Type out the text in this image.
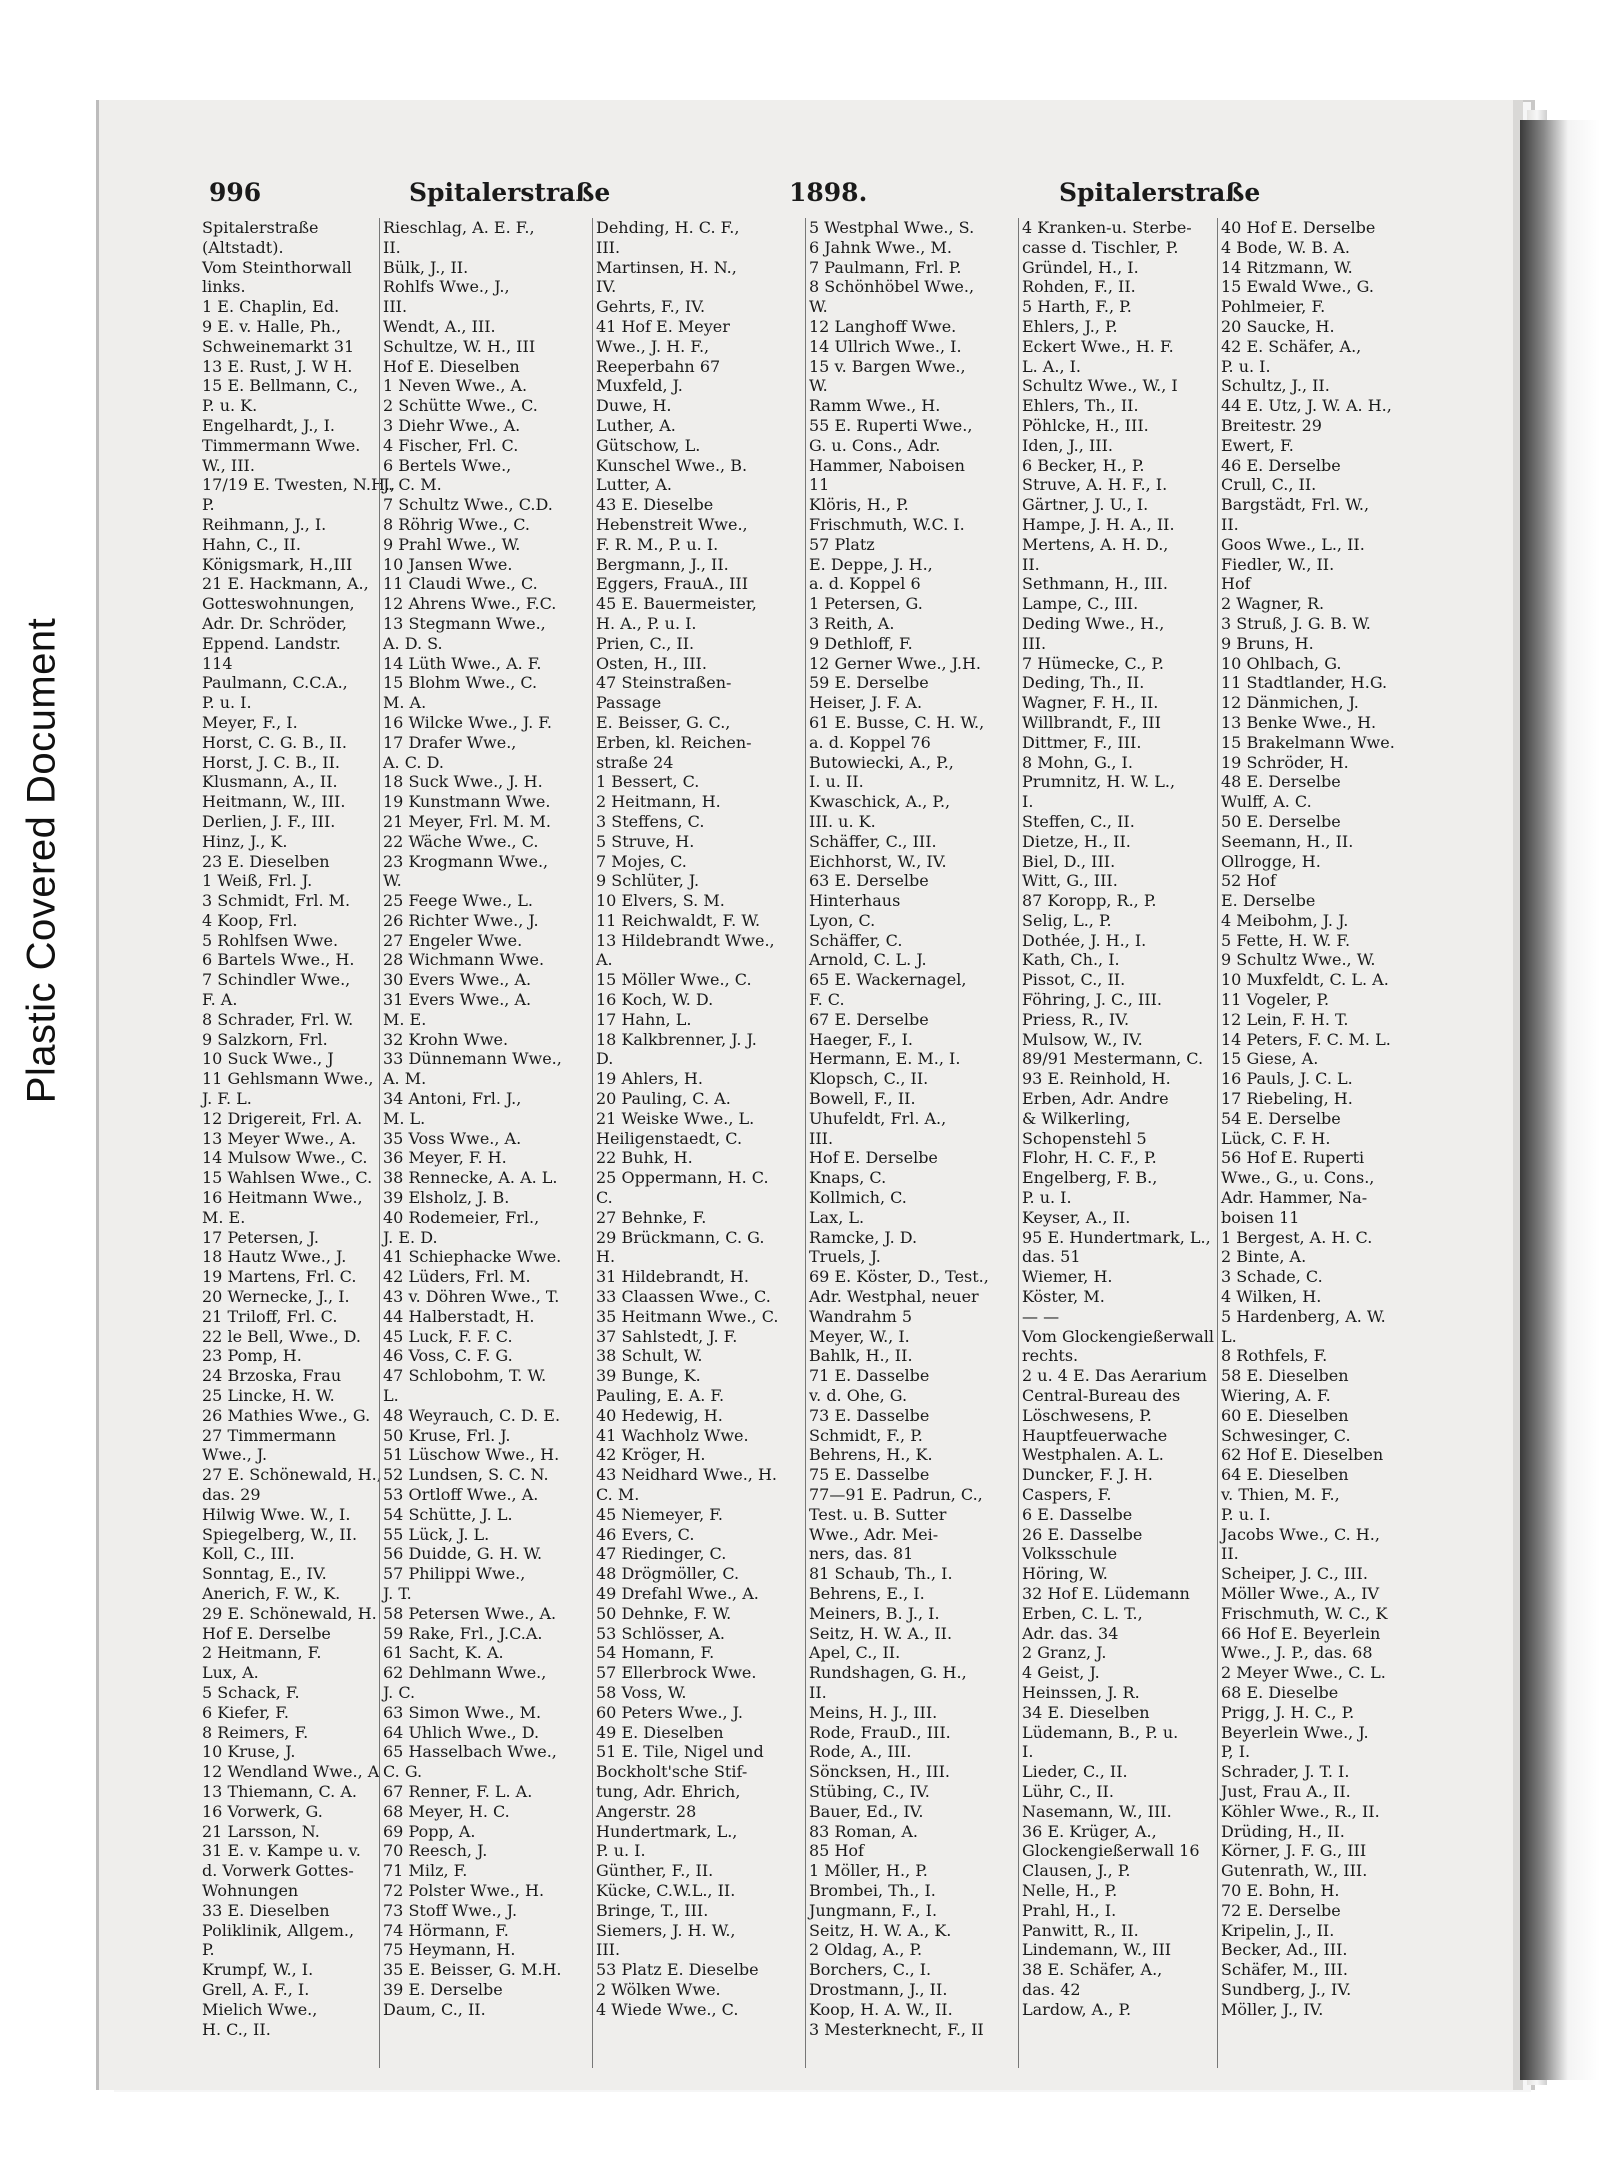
Plastic Covered Document
996	Spitalerstraße	1898.	Spitalerstraße
Spitalerstraße
(Altstadt).
Vom Steinthorwall
links.
1 E. Chaplin, Ed.
9 E. v. Halle, Ph.,
Schweinemarkt 31
13 E. Rust, J. W H.
15 E. Bellmann, C.,
P. u. K.
Engelhardt, J., I.
Timmermann Wwe.
W., III.
17/19 E. Twesten, N.H.,
P.
Reihmann, J., I.
Hahn, C., II.
Königsmark, H.,III
21 E. Hackmann, A.,
Gotteswohnungen,
Adr. Dr. Schröder,
Eppend. Landstr.
114
Paulmann, C.C.A.,
P. u. I.
Meyer, F., I.
Horst, C. G. B., II.
Horst, J. C. B., II.
Klusmann, A., II.
Heitmann, W., III.
Derlien, J. F., III.
Hinz, J., K.
23 E. Dieselben
1 Weiß, Frl. J.
3 Schmidt, Frl. M.
4 Koop, Frl.
5 Rohlfsen Wwe.
6 Bartels Wwe., H.
7 Schindler Wwe.,
F. A.
8 Schrader, Frl. W.
9 Salzkorn, Frl.
10 Suck Wwe., J
11 Gehlsmann Wwe.,
J. F. L.
12 Drigereit, Frl. A.
13 Meyer Wwe., A.
14 Mulsow Wwe., C.
15 Wahlsen Wwe., C.
16 Heitmann Wwe.,
M. E.
17 Petersen, J.
18 Hautz Wwe., J.
19 Martens, Frl. C.
20 Wernecke, J., I.
21 Triloff, Frl. C.
22 le Bell, Wwe., D.
23 Pomp, H.
24 Brzoska, Frau
25 Lincke, H. W.
26 Mathies Wwe., G.
27 Timmermann
Wwe., J.
27 E. Schönewald, H.,
das. 29
Hilwig Wwe. W., I.
Spiegelberg, W., II.
Koll, C., III.
Sonntag, E., IV.
Anerich, F. W., K.
29 E. Schönewald, H.
Hof E. Derselbe
2 Heitmann, F.
Lux, A.
5 Schack, F.
6 Kiefer, F.
8 Reimers, F.
10 Kruse, J.
12 Wendland Wwe., A
13 Thiemann, C. A.
16 Vorwerk, G.
21 Larsson, N.
31 E. v. Kampe u. v.
d. Vorwerk Gottes-
Wohnungen
33 E. Dieselben
Poliklinik, Allgem.,
P.
Krumpf, W., I.
Grell, A. F., I.
Mielich Wwe.,
H. C., II.
Rieschlag, A. E. F.,
II.
Bülk, J., II.
Rohlfs Wwe., J.,
III.
Wendt, A., III.
Schultze, W. H., III
Hof E. Dieselben
1 Neven Wwe., A.
2 Schütte Wwe., C.
3 Diehr Wwe., A.
4 Fischer, Frl. C.
6 Bertels Wwe.,
J. C. M.
7 Schultz Wwe., C.D.
8 Röhrig Wwe., C.
9 Prahl Wwe., W.
10 Jansen Wwe.
11 Claudi Wwe., C.
12 Ahrens Wwe., F.C.
13 Stegmann Wwe.,
A. D. S.
14 Lüth Wwe., A. F.
15 Blohm Wwe., C.
M. A.
16 Wilcke Wwe., J. F.
17 Drafer Wwe.,
A. C. D.
18 Suck Wwe., J. H.
19 Kunstmann Wwe.
21 Meyer, Frl. M. M.
22 Wäche Wwe., C.
23 Krogmann Wwe.,
W.
25 Feege Wwe., L.
26 Richter Wwe., J.
27 Engeler Wwe.
28 Wichmann Wwe.
30 Evers Wwe., A.
31 Evers Wwe., A.
M. E.
32 Krohn Wwe.
33 Dünnemann Wwe.,
A. M.
34 Antoni, Frl. J.,
M. L.
35 Voss Wwe., A.
36 Meyer, F. H.
38 Rennecke, A. A. L.
39 Elsholz, J. B.
40 Rodemeier, Frl.,
J. E. D.
41 Schiephacke Wwe.
42 Lüders, Frl. M.
43 v. Döhren Wwe., T.
44 Halberstadt, H.
45 Luck, F. F. C.
46 Voss, C. F. G.
47 Schlobohm, T. W.
L.
48 Weyrauch, C. D. E.
50 Kruse, Frl. J.
51 Lüschow Wwe., H.
52 Lundsen, S. C. N.
53 Ortloff Wwe., A.
54 Schütte, J. L.
55 Lück, J. L.
56 Duidde, G. H. W.
57 Philippi Wwe.,
J. T.
58 Petersen Wwe., A.
59 Rake, Frl., J.C.A.
61 Sacht, K. A.
62 Dehlmann Wwe.,
J. C.
63 Simon Wwe., M.
64 Uhlich Wwe., D.
65 Hasselbach Wwe.,
C. G.
67 Renner, F. L. A.
68 Meyer, H. C.
69 Popp, A.
70 Reesch, J.
71 Milz, F.
72 Polster Wwe., H.
73 Stoff Wwe., J.
74 Hörmann, F.
75 Heymann, H.
35 E. Beisser, G. M.H.
39 E. Derselbe
Daum, C., II.
Dehding, H. C. F.,
III.
Martinsen, H. N.,
IV.
Gehrts, F., IV.
41 Hof E. Meyer
Wwe., J. H. F.,
Reeperbahn 67
Muxfeld, J.
Duwe, H.
Luther, A.
Gütschow, L.
Kunschel Wwe., B.
Lutter, A.
43 E. Dieselbe
Hebenstreit Wwe.,
F. R. M., P. u. I.
Bergmann, J., II.
Eggers, FrauA., III
45 E. Bauermeister,
H. A., P. u. I.
Prien, C., II.
Osten, H., III.
47 Steinstraßen-
Passage
E. Beisser, G. C.,
Erben, kl. Reichen-
straße 24
1 Bessert, C.
2 Heitmann, H.
3 Steffens, C.
5 Struve, H.
7 Mojes, C.
9 Schlüter, J.
10 Elvers, S. M.
11 Reichwaldt, F. W.
13 Hildebrandt Wwe.,
A.
15 Möller Wwe., C.
16 Koch, W. D.
17 Hahn, L.
18 Kalkbrenner, J. J.
D.
19 Ahlers, H.
20 Pauling, C. A.
21 Weiske Wwe., L.
Heiligenstaedt, C.
22 Buhk, H.
25 Oppermann, H. C.
C.
27 Behnke, F.
29 Brückmann, C. G.
H.
31 Hildebrandt, H.
33 Claassen Wwe., C.
35 Heitmann Wwe., C.
37 Sahlstedt, J. F.
38 Schult, W.
39 Bunge, K.
Pauling, E. A. F.
40 Hedewig, H.
41 Wachholz Wwe.
42 Kröger, H.
43 Neidhard Wwe., H.
C. M.
45 Niemeyer, F.
46 Evers, C.
47 Riedinger, C.
48 Drögmöller, C.
49 Drefahl Wwe., A.
50 Dehnke, F. W.
53 Schlösser, A.
54 Homann, F.
57 Ellerbrock Wwe.
58 Voss, W.
60 Peters Wwe., J.
49 E. Dieselben
51 E. Tile, Nigel und
Bockholt'sche Stif-
tung, Adr. Ehrich,
Angerstr. 28
Hundertmark, L.,
P. u. I.
Günther, F., II.
Kücke, C.W.L., II.
Bringe, T., III.
Siemers, J. H. W.,
III.
53 Platz E. Dieselbe
2 Wölken Wwe.
4 Wiede Wwe., C.
5 Westphal Wwe., S.
6 Jahnk Wwe., M.
7 Paulmann, Frl. P.
8 Schönhöbel Wwe.,
W.
12 Langhoff Wwe.
14 Ullrich Wwe., I.
15 v. Bargen Wwe.,
W.
Ramm Wwe., H.
55 E. Ruperti Wwe.,
G. u. Cons., Adr.
Hammer, Naboisen
11
Klöris, H., P.
Frischmuth, W.C. I.
57 Platz
E. Deppe, J. H.,
a. d. Koppel 6
1 Petersen, G.
3 Reith, A.
9 Dethloff, F.
12 Gerner Wwe., J.H.
59 E. Derselbe
Heiser, J. F. A.
61 E. Busse, C. H. W.,
a. d. Koppel 76
Butowiecki, A., P.,
I. u. II.
Kwaschick, A., P.,
III. u. K.
Schäffer, C., III.
Eichhorst, W., IV.
63 E. Derselbe
Hinterhaus
Lyon, C.
Schäffer, C.
Arnold, C. L. J.
65 E. Wackernagel,
F. C.
67 E. Derselbe
Haeger, F., I.
Hermann, E. M., I.
Klopsch, C., II.
Bowell, F., II.
Uhufeldt, Frl. A.,
III.
Hof E. Derselbe
Knaps, C.
Kollmich, C.
Lax, L.
Ramcke, J. D.
Truels, J.
69 E. Köster, D., Test.,
Adr. Westphal, neuer
Wandrahm 5
Meyer, W., I.
Bahlk, H., II.
71 E. Dasselbe
v. d. Ohe, G.
73 E. Dasselbe
Schmidt, F., P.
Behrens, H., K.
75 E. Dasselbe
77—91 E. Padrun, C.,
Test. u. B. Sutter
Wwe., Adr. Mei-
ners, das. 81
81 Schaub, Th., I.
Behrens, E., I.
Meiners, B. J., I.
Seitz, H. W. A., II.
Apel, C., II.
Rundshagen, G. H.,
II.
Meins, H. J., III.
Rode, FrauD., III.
Rode, A., III.
Söncksen, H., III.
Stübing, C., IV.
Bauer, Ed., IV.
83 Roman, A.
85 Hof
1 Möller, H., P.
Brombei, Th., I.
Jungmann, F., I.
Seitz, H. W. A., K.
2 Oldag, A., P.
Borchers, C., I.
Drostmann, J., II.
Koop, H. A. W., II.
3 Mesterknecht, F., II
4 Kranken-u. Sterbe-
casse d. Tischler, P.
Gründel, H., I.
Rohden, F., II.
5 Harth, F., P.
Ehlers, J., P.
Eckert Wwe., H. F.
L. A., I.
Schultz Wwe., W., I
Ehlers, Th., II.
Pöhlcke, H., III.
Iden, J., III.
6 Becker, H., P.
Struve, A. H. F., I.
Gärtner, J. U., I.
Hampe, J. H. A., II.
Mertens, A. H. D.,
II.
Sethmann, H., III.
Lampe, C., III.
Deding Wwe., H.,
III.
7 Hümecke, C., P.
Deding, Th., II.
Wagner, F. H., II.
Willbrandt, F., III
Dittmer, F., III.
8 Mohn, G., I.
Prumnitz, H. W. L.,
I.
Steffen, C., II.
Dietze, H., II.
Biel, D., III.
Witt, G., III.
87 Koropp, R., P.
Selig, L., P.
Dothée, J. H., I.
Kath, Ch., I.
Pissot, C., II.
Föhring, J. C., III.
Priess, R., IV.
Mulsow, W., IV.
89/91 Mestermann, C.
93 E. Reinhold, H.
Erben, Adr. Andre
& Wilkerling,
Schopenstehl 5
Flohr, H. C. F., P.
Engelberg, F. B.,
P. u. I.
Keyser, A., II.
95 E. Hundertmark, L.,
das. 51
Wiemer, H.
Köster, M.
— —
Vom Glockengießerwall
rechts.
2 u. 4 E. Das Aerarium
Central-Bureau des
Löschwesens, P.
Hauptfeuerwache
Westphalen. A. L.
Duncker, F. J. H.
Caspers, F.
6 E. Dasselbe
26 E. Dasselbe
Volksschule
Höring, W.
32 Hof E. Lüdemann
Erben, C. L. T.,
Adr. das. 34
2 Granz, J.
4 Geist, J.
Heinssen, J. R.
34 E. Dieselben
Lüdemann, B., P. u.
I.
Lieder, C., II.
Lühr, C., II.
Nasemann, W., III.
36 E. Krüger, A.,
Glockengießerwall 16
Clausen, J., P.
Nelle, H., P.
Prahl, H., I.
Panwitt, R., II.
Lindemann, W., III
38 E. Schäfer, A.,
das. 42
Lardow, A., P.
40 Hof E. Derselbe
4 Bode, W. B. A.
14 Ritzmann, W.
15 Ewald Wwe., G.
Pohlmeier, F.
20 Saucke, H.
42 E. Schäfer, A.,
P. u. I.
Schultz, J., II.
44 E. Utz, J. W. A. H.,
Breitestr. 29
Ewert, F.
46 E. Derselbe
Crull, C., II.
Bargstädt, Frl. W.,
II.
Goos Wwe., L., II.
Fiedler, W., II.
Hof
2 Wagner, R.
3 Struß, J. G. B. W.
9 Bruns, H.
10 Ohlbach, G.
11 Stadtlander, H.G.
12 Dänmichen, J.
13 Benke Wwe., H.
15 Brakelmann Wwe.
19 Schröder, H.
48 E. Derselbe
Wulff, A. C.
50 E. Derselbe
Seemann, H., II.
Ollrogge, H.
52 Hof
E. Derselbe
4 Meibohm, J. J.
5 Fette, H. W. F.
9 Schultz Wwe., W.
10 Muxfeldt, C. L. A.
11 Vogeler, P.
12 Lein, F. H. T.
14 Peters, F. C. M. L.
15 Giese, A.
16 Pauls, J. C. L.
17 Riebeling, H.
54 E. Derselbe
Lück, C. F. H.
56 Hof E. Ruperti
Wwe., G., u. Cons.,
Adr. Hammer, Na-
boisen 11
1 Bergest, A. H. C.
2 Binte, A.
3 Schade, C.
4 Wilken, H.
5 Hardenberg, A. W.
L.
8 Rothfels, F.
58 E. Dieselben
Wiering, A. F.
60 E. Dieselben
Schwesinger, C.
62 Hof E. Dieselben
64 E. Dieselben
v. Thien, M. F.,
P. u. I.
Jacobs Wwe., C. H.,
II.
Scheiper, J. C., III.
Möller Wwe., A., IV
Frischmuth, W. C., K
66 Hof E. Beyerlein
Wwe., J. P., das. 68
2 Meyer Wwe., C. L.
68 E. Dieselbe
Prigg, J. H. C., P.
Beyerlein Wwe., J.
P, I.
Schrader, J. T. I.
Just, Frau A., II.
Köhler Wwe., R., II.
Drüding, H., II.
Körner, J. F. G., III
Gutenrath, W., III.
70 E. Bohn, H.
72 E. Derselbe
Kripelin, J., II.
Becker, Ad., III.
Schäfer, M., III.
Sundberg, J., IV.
Möller, J., IV.
